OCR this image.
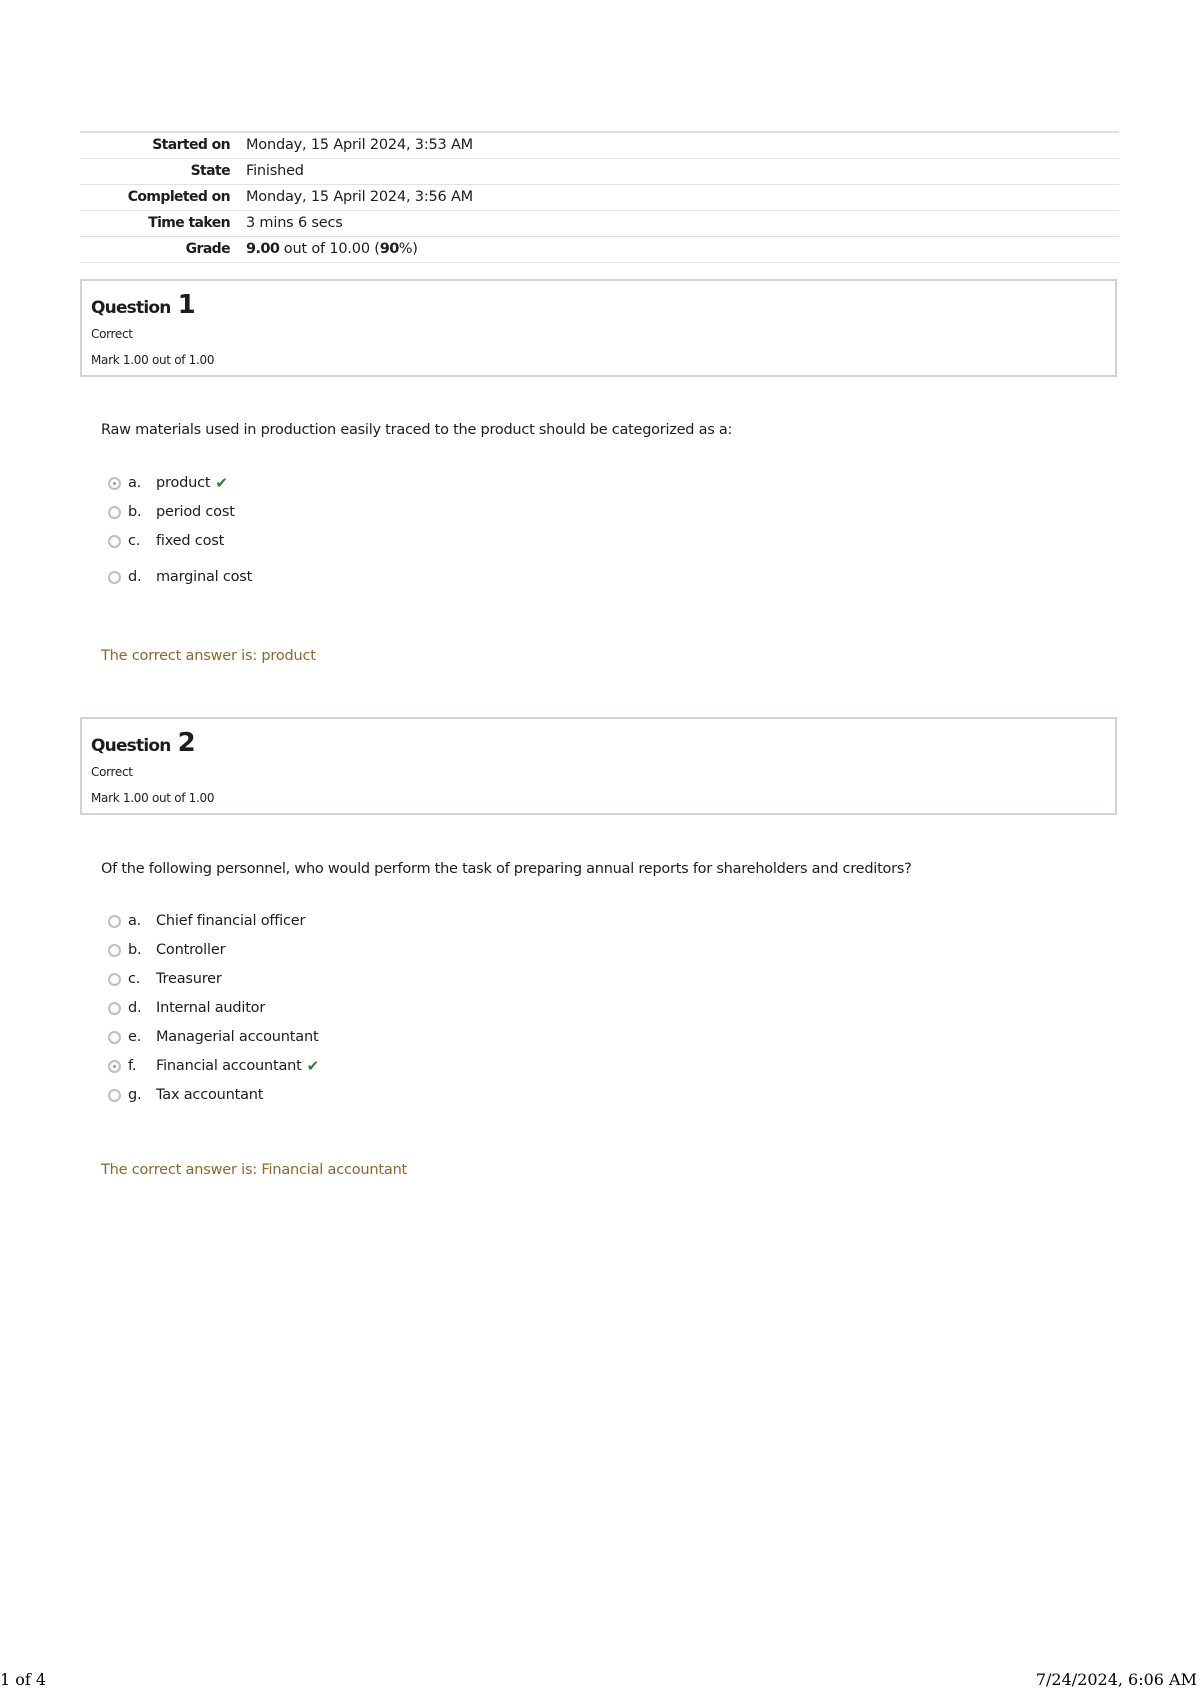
Started on	Monday, 15 April 2024, 3:53 AM
State	Finished
Completed on	Monday, 15 April 2024, 3:56 AM
Time taken	3 mins 6 secs
Grade	9.00 out of 10.00 (90%)
Question 1
Correct
Mark 1.00 out of 1.00
Raw materials used in production easily traced to the product should be categorized as a:
a.	product ✔
b.	period cost
c.	fixed cost
d.	marginal cost
The correct answer is: product
Question 2
Correct
Mark 1.00 out of 1.00
Of the following personnel, who would perform the task of preparing annual reports for shareholders and creditors?
a.	Chief financial officer
b.	Controller
c.	Treasurer
d.	Internal auditor
e.	Managerial accountant
f.	Financial accountant ✔
g.	Tax accountant
The correct answer is: Financial accountant
1 of 4	7/24/2024, 6:06 AM
